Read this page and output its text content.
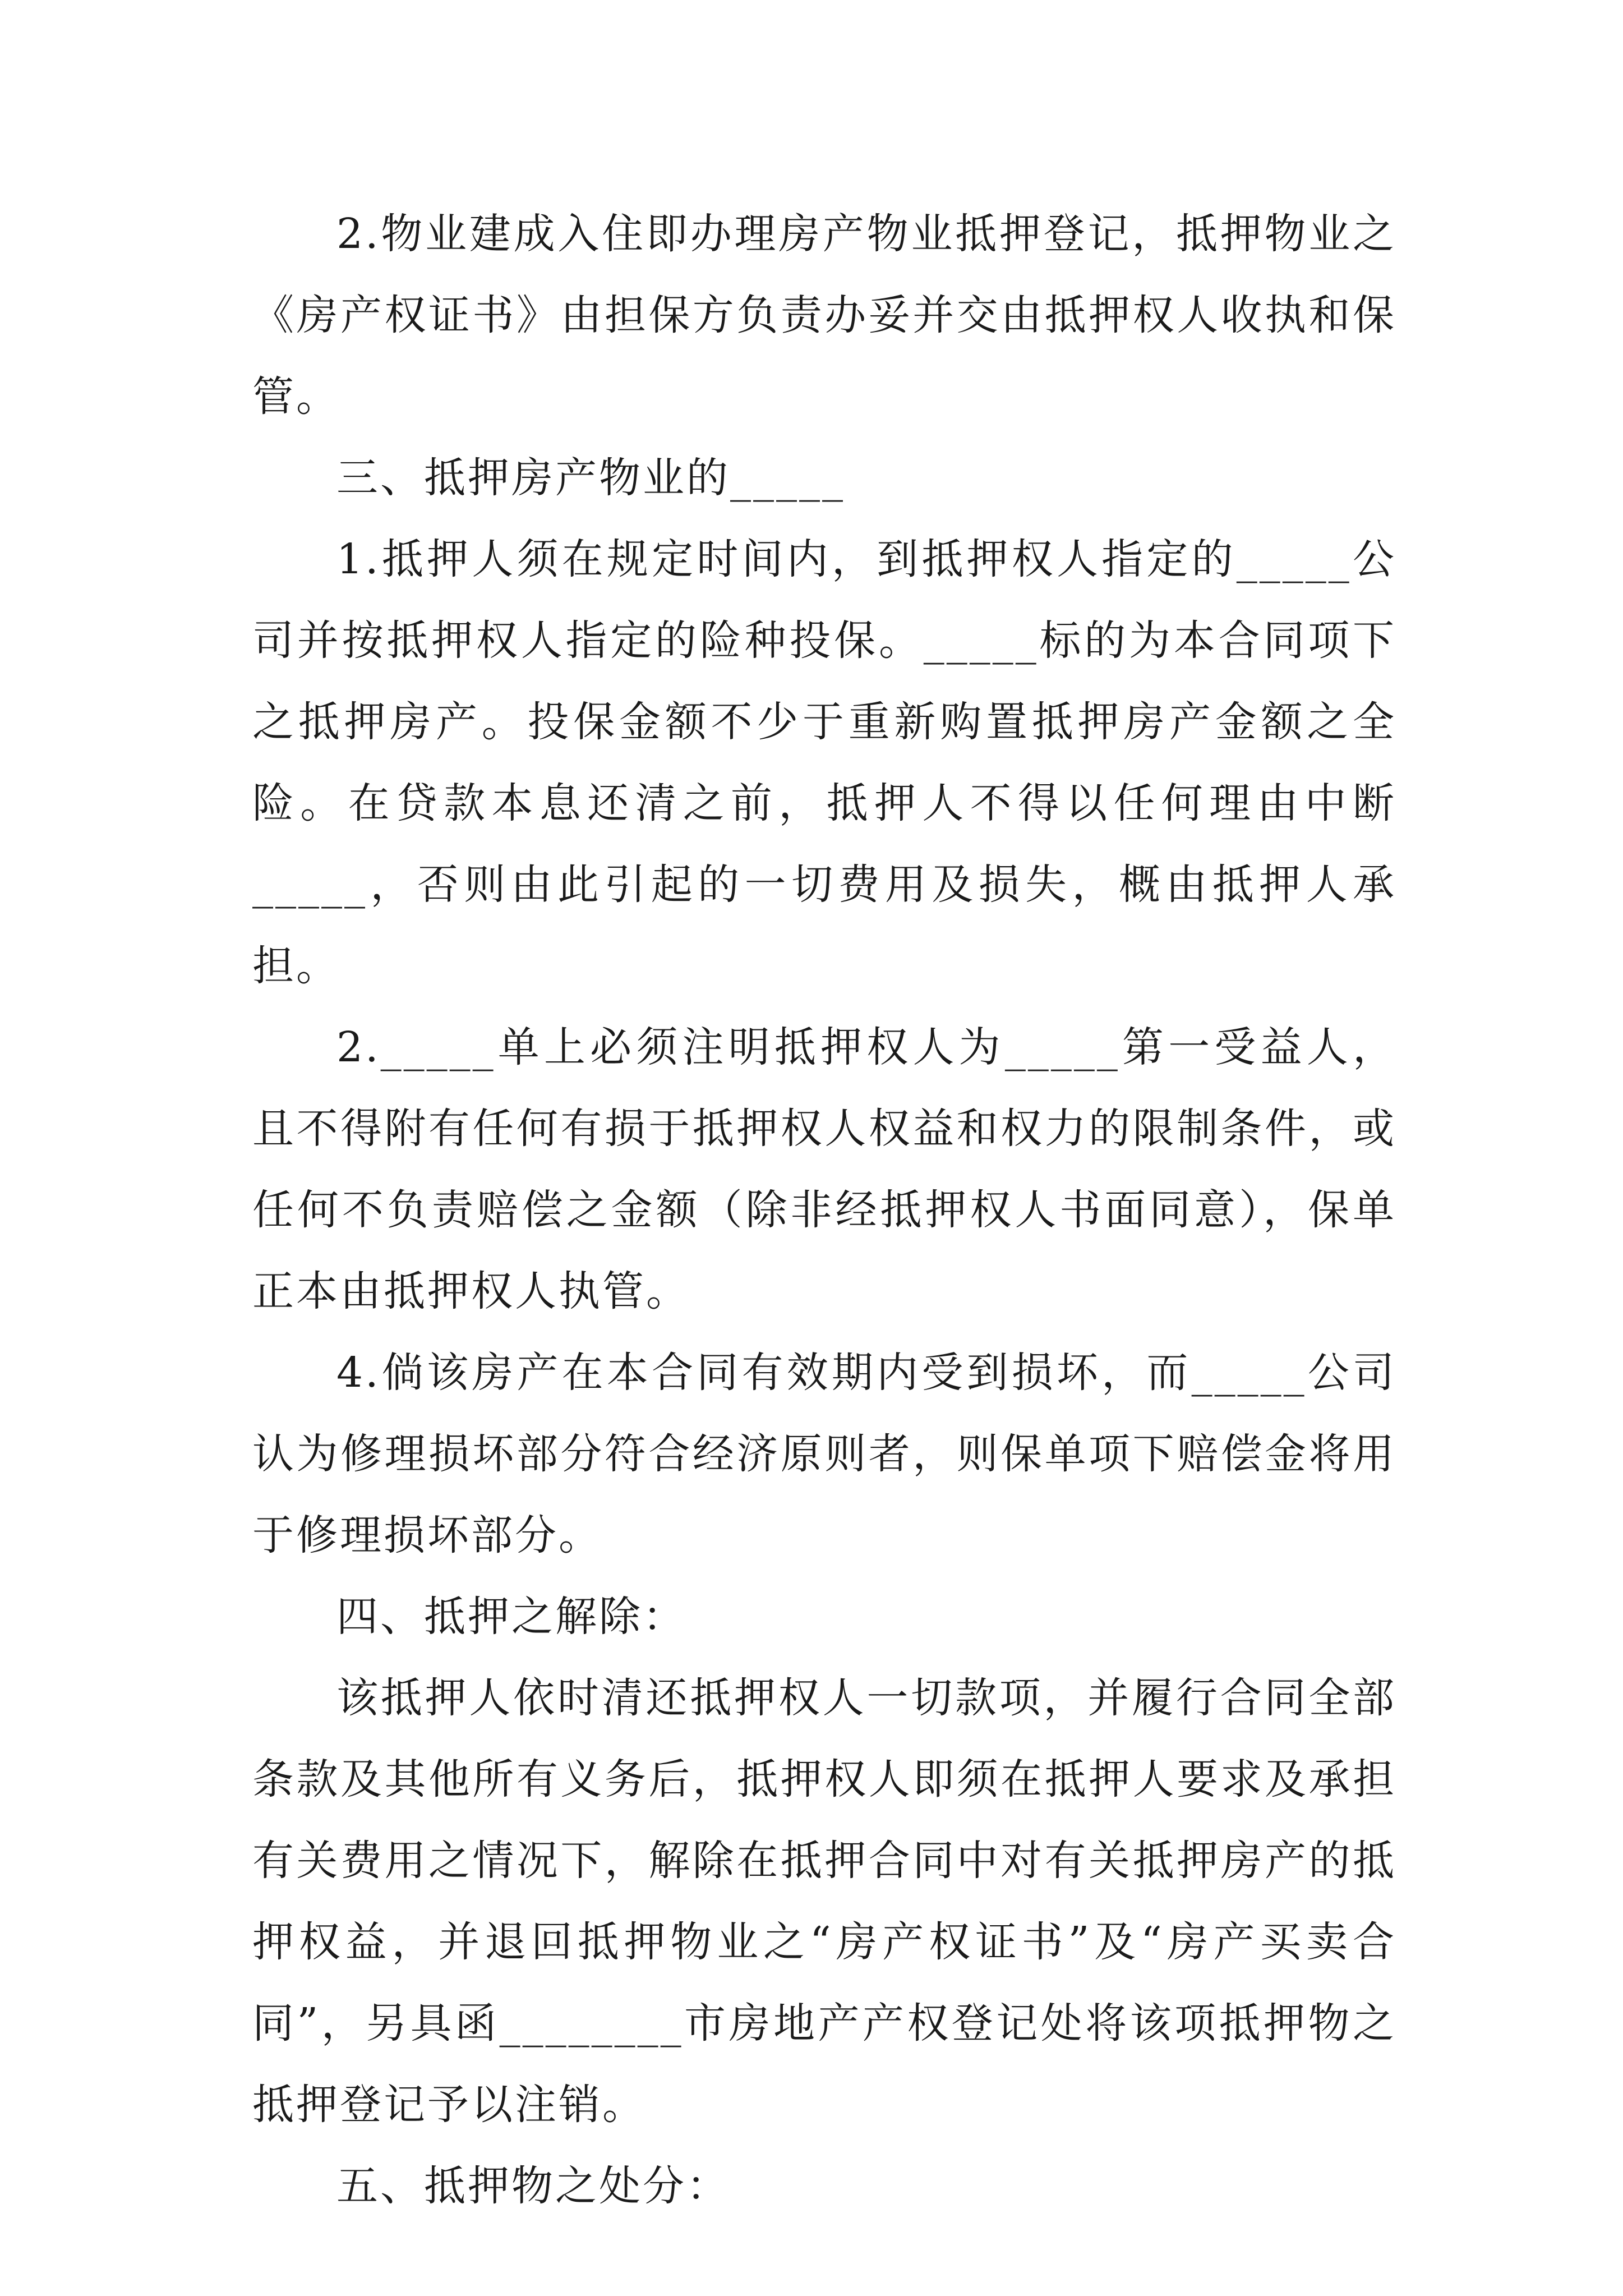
2.物业建成入住即办理房产物业抵押登记，抵押物业之《房产权证书》由担保方负责办妥并交由抵押权人收执和保管。

三、抵押房产物业的_____

1.抵押人须在规定时间内，到抵押权人指定的_____公司并按抵押权人指定的险种投保。_____标的为本合同项下之抵押房产。投保金额不少于重新购置抵押房产金额之全险。在贷款本息还清之前，抵押人不得以任何理由中断_____，否则由此引起的一切费用及损失，概由抵押人承担。

2._____单上必须注明抵押权人为_____第一受益人，且不得附有任何有损于抵押权人权益和权力的限制条件，或任何不负责赔偿之金额（除非经抵押权人书面同意），保单正本由抵押权人执管。

4.倘该房产在本合同有效期内受到损坏，而_____公司认为修理损坏部分符合经济原则者，则保单项下赔偿金将用于修理损坏部分。

四、抵押之解除：

该抵押人依时清还抵押权人一切款项，并履行合同全部条款及其他所有义务后，抵押权人即须在抵押人要求及承担有关费用之情况下，解除在抵押合同中对有关抵押房产的抵押权益，并退回抵押物业之“房产权证书”及“房产买卖合同”，另具函________市房地产产权登记处将该项抵押物之抵押登记予以注销。

五、抵押物之处分：
